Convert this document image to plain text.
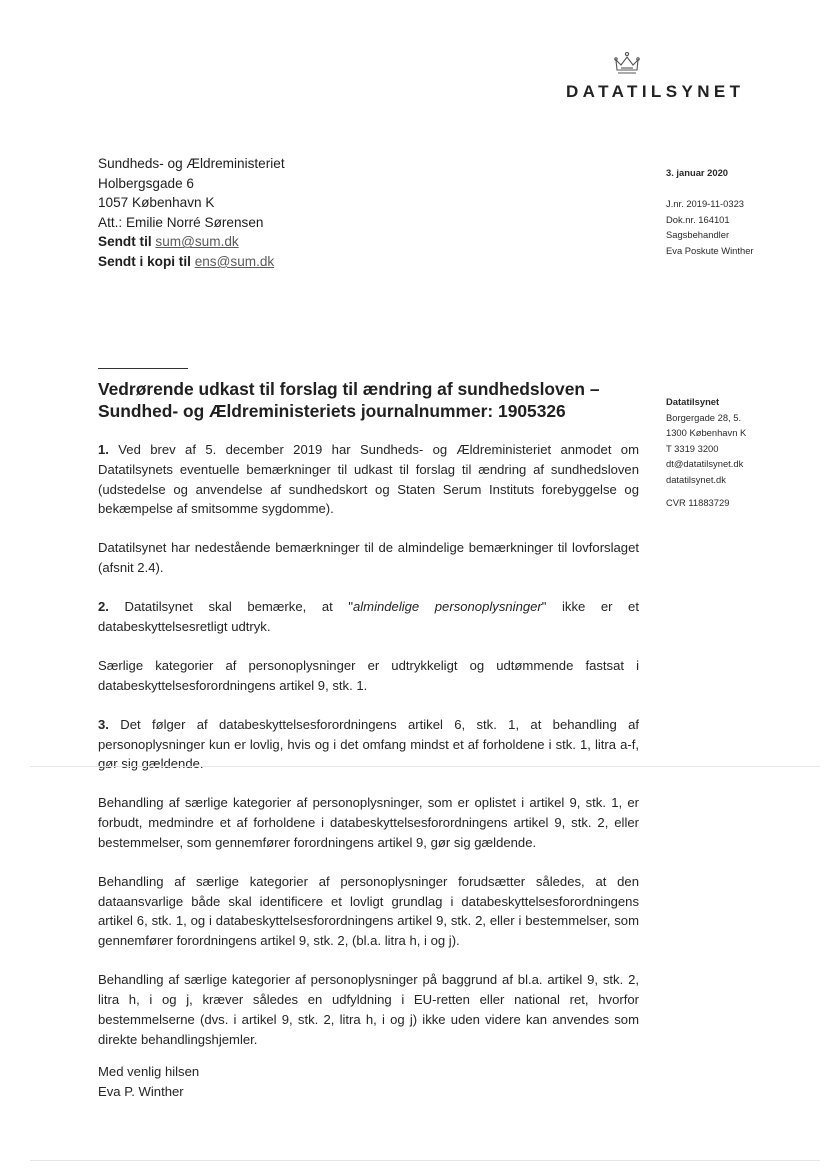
DATATILSYNET
Sundheds- og Ældreministeriet
Holbergsgade 6
1057 København K
Att.: Emilie Norré Sørensen
Sendt til sum@sum.dk
Sendt i kopi til ens@sum.dk
3. januar 2020
J.nr. 2019-11-0323
Dok.nr. 164101
Sagsbehandler
Eva Poskute Winther
Datatilsynet
Borgergade 28, 5.
1300 København K
T 3319 3200
dt@datatilsynet.dk
datatilsynet.dk
CVR 11883729
Vedrørende udkast til forslag til ændring af sundhedsloven –
Sundhed- og Ældreministeriets journalnummer: 1905326

1. Ved brev af 5. december 2019 har Sundheds- og Ældreministeriet anmodet om Datatilsynets eventuelle bemærkninger til udkast til forslag til ændring af sundhedsloven (udstedelse og anvendelse af sundhedskort og Staten Serum Instituts forebyggelse og bekæmpelse af smitsomme sygdomme).

Datatilsynet har nedestående bemærkninger til de almindelige bemærkninger til lovforslaget (afsnit 2.4).

2. Datatilsynet skal bemærke, at "almindelige personoplysninger" ikke er et databeskyttelsesretligt udtryk.

Særlige kategorier af personoplysninger er udtrykkeligt og udtømmende fastsat i databeskyttelsesforordningens artikel 9, stk. 1.

3. Det følger af databeskyttelsesforordningens artikel 6, stk. 1, at behandling af personoplysninger kun er lovlig, hvis og i det omfang mindst et af forholdene i stk. 1, litra a-f, gør sig gældende.

Behandling af særlige kategorier af personoplysninger, som er oplistet i artikel 9, stk. 1, er forbudt, medmindre et af forholdene i databeskyttelsesforordningens artikel 9, stk. 2, eller bestemmelser, som gennemfører forordningens artikel 9, gør sig gældende.

Behandling af særlige kategorier af personoplysninger forudsætter således, at den dataansvarlige både skal identificere et lovligt grundlag i databeskyttelsesforordningens artikel 6, stk. 1, og i databeskyttelsesforordningens artikel 9, stk. 2, eller i bestemmelser, som gennemfører forordningens artikel 9, stk. 2, (bl.a. litra h, i og j).

Behandling af særlige kategorier af personoplysninger på baggrund af bl.a. artikel 9, stk. 2, litra h, i og j, kræver således en udfyldning i EU-retten eller national ret, hvorfor bestemmelserne (dvs. i artikel 9, stk. 2, litra h, i og j) ikke uden videre kan anvendes som direkte behandlingshjemler.

Med venlig hilsen
Eva P. Winther
